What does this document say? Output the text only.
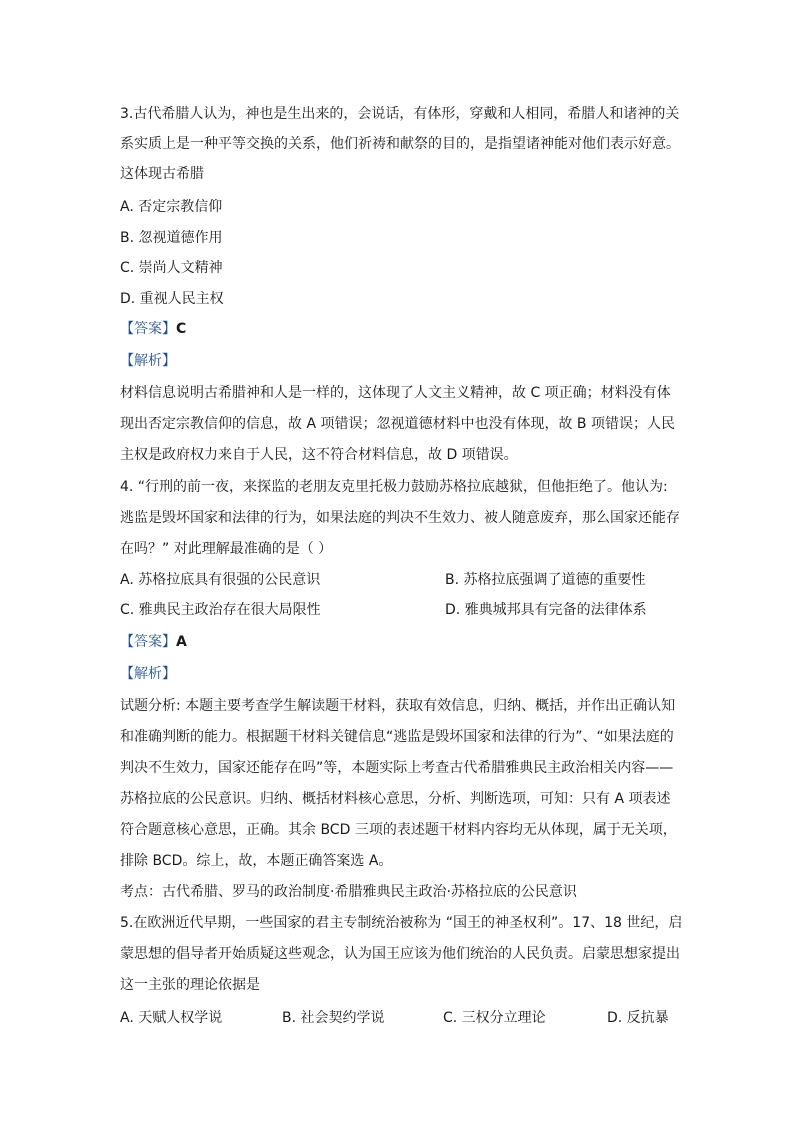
3.古代希腊人认为，神也是生出来的，会说话，有体形，穿戴和人相同，希腊人和诸神的关
系实质上是一种平等交换的关系，他们祈祷和献祭的目的，是指望诸神能对他们表示好意。
这体现古希腊
A. 否定宗教信仰
B. 忽视道德作用
C. 崇尚人文精神
D. 重视人民主权
【答案】C
【解析】
材料信息说明古希腊神和人是一样的，这体现了人文主义精神，故 C 项正确；材料没有体
现出否定宗教信仰的信息，故 A 项错误；忽视道德材料中也没有体现，故 B 项错误；人民
主权是政府权力来自于人民，这不符合材料信息，故 D 项错误。
4. “行刑的前一夜，来探监的老朋友克里托极力鼓励苏格拉底越狱，但他拒绝了。他认为:
逃监是毁坏国家和法律的行为，如果法庭的判决不生效力、被人随意废弃，那么国家还能存
在吗？” 对此理解最准确的是（ ）
A. 苏格拉底具有很强的公民意识	B. 苏格拉底强调了道德的重要性
C. 雅典民主政治存在很大局限性	D. 雅典城邦具有完备的法律体系
【答案】A
【解析】
试题分析: 本题主要考查学生解读题干材料，获取有效信息，归纳、概括，并作出正确认知
和准确判断的能力。根据题干材料关键信息“逃监是毁坏国家和法律的行为”、“如果法庭的
判决不生效力，国家还能存在吗”等，本题实际上考查古代希腊雅典民主政治相关内容——
苏格拉底的公民意识。归纳、概括材料核心意思，分析、判断选项，可知：只有 A 项表述
符合题意核心意思，正确。其余 BCD 三项的表述题干材料内容均无从体现，属于无关项，
排除 BCD。综上，故，本题正确答案选 A。
考点：古代希腊、罗马的政治制度·希腊雅典民主政治·苏格拉底的公民意识
5.在欧洲近代早期，一些国家的君主专制统治被称为 “国王的神圣权利”。17、18 世纪，启
蒙思想的倡导者开始质疑这些观念，认为国王应该为他们统治的人民负责。启蒙思想家提出
这一主张的理论依据是
A. 天赋人权学说	B. 社会契约学说	C. 三权分立理论	D. 反抗暴
